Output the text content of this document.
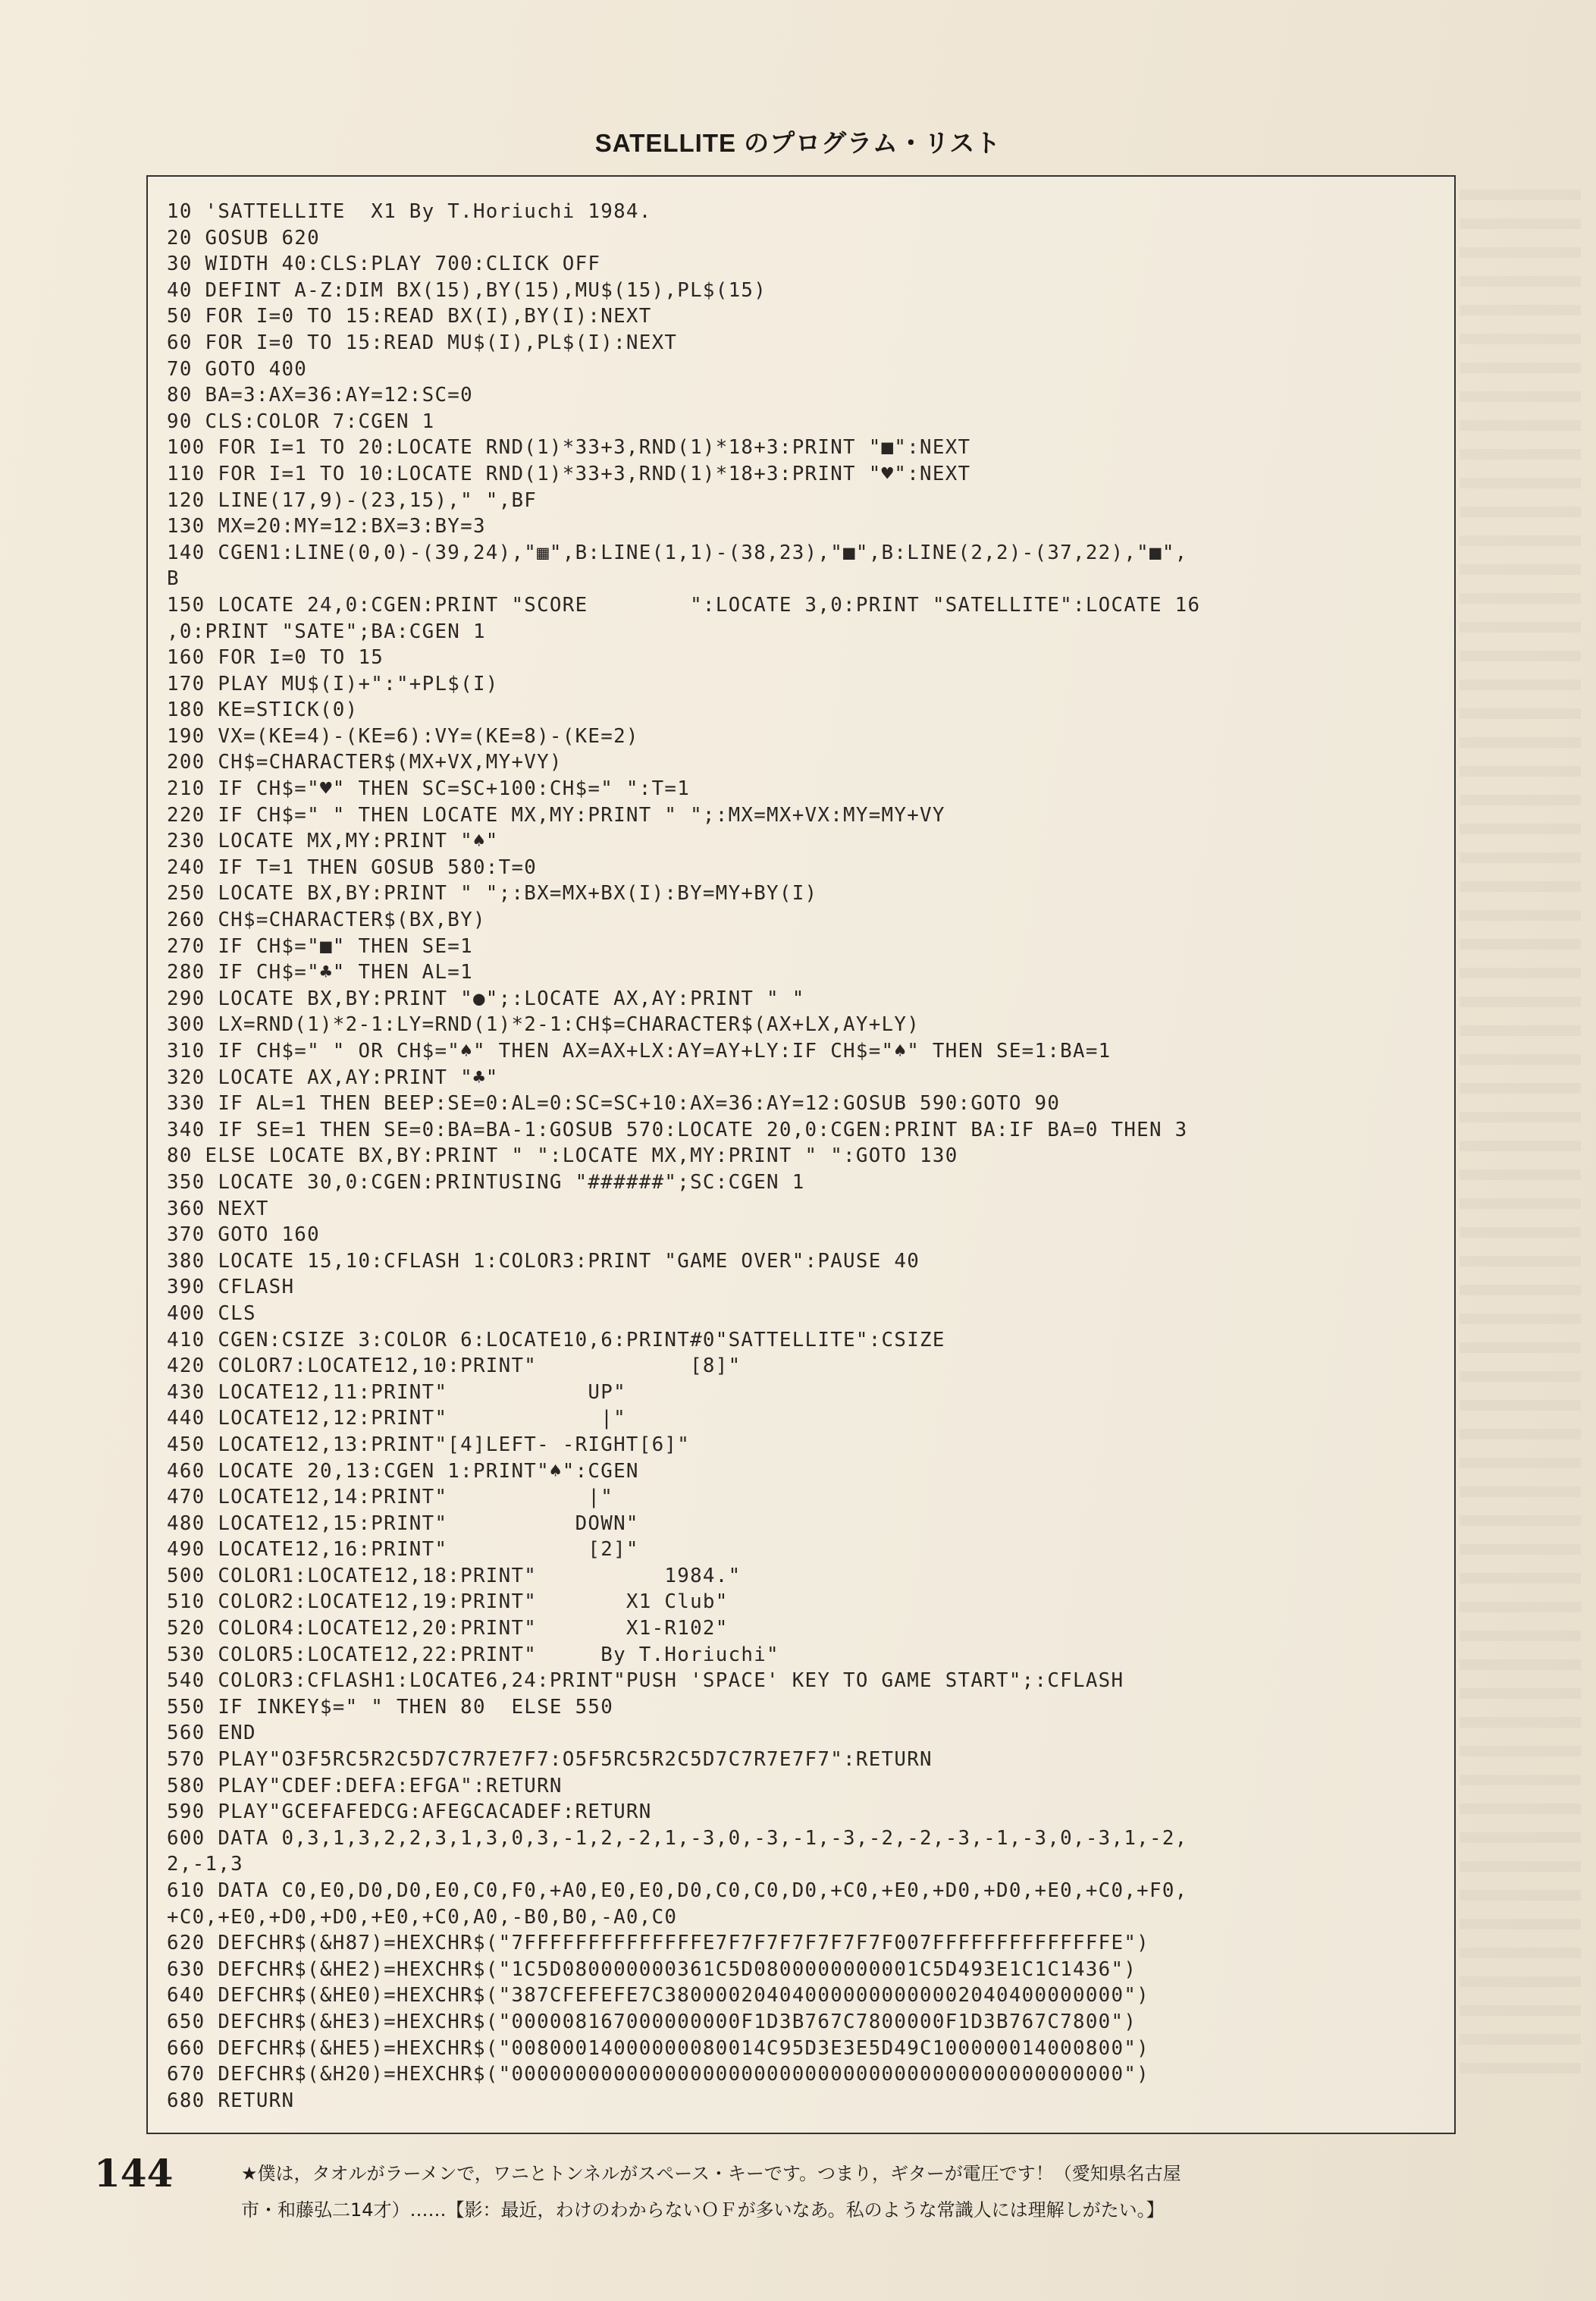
SATELLITE のプログラム・リスト
10 'SATTELLITE  X1 By T.Horiuchi 1984.
20 GOSUB 620
30 WIDTH 40:CLS:PLAY 700:CLICK OFF
40 DEFINT A-Z:DIM BX(15),BY(15),MU$(15),PL$(15)
50 FOR I=0 TO 15:READ BX(I),BY(I):NEXT
60 FOR I=0 TO 15:READ MU$(I),PL$(I):NEXT
70 GOTO 400
80 BA=3:AX=36:AY=12:SC=0
90 CLS:COLOR 7:CGEN 1
100 FOR I=1 TO 20:LOCATE RND(1)*33+3,RND(1)*18+3:PRINT "■":NEXT
110 FOR I=1 TO 10:LOCATE RND(1)*33+3,RND(1)*18+3:PRINT "♥":NEXT
120 LINE(17,9)-(23,15)," ",BF
130 MX=20:MY=12:BX=3:BY=3
140 CGEN1:LINE(0,0)-(39,24),"▦",B:LINE(1,1)-(38,23),"■",B:LINE(2,2)-(37,22),"■",
B
150 LOCATE 24,0:CGEN:PRINT "SCORE        ":LOCATE 3,0:PRINT "SATELLITE":LOCATE 16
,0:PRINT "SATE";BA:CGEN 1
160 FOR I=0 TO 15
170 PLAY MU$(I)+":"+PL$(I)
180 KE=STICK(0)
190 VX=(KE=4)-(KE=6):VY=(KE=8)-(KE=2)
200 CH$=CHARACTER$(MX+VX,MY+VY)
210 IF CH$="♥" THEN SC=SC+100:CH$=" ":T=1
220 IF CH$=" " THEN LOCATE MX,MY:PRINT " ";:MX=MX+VX:MY=MY+VY
230 LOCATE MX,MY:PRINT "♠"
240 IF T=1 THEN GOSUB 580:T=0
250 LOCATE BX,BY:PRINT " ";:BX=MX+BX(I):BY=MY+BY(I)
260 CH$=CHARACTER$(BX,BY)
270 IF CH$="■" THEN SE=1
280 IF CH$="♣" THEN AL=1
290 LOCATE BX,BY:PRINT "●";:LOCATE AX,AY:PRINT " "
300 LX=RND(1)*2-1:LY=RND(1)*2-1:CH$=CHARACTER$(AX+LX,AY+LY)
310 IF CH$=" " OR CH$="♠" THEN AX=AX+LX:AY=AY+LY:IF CH$="♠" THEN SE=1:BA=1
320 LOCATE AX,AY:PRINT "♣"
330 IF AL=1 THEN BEEP:SE=0:AL=0:SC=SC+10:AX=36:AY=12:GOSUB 590:GOTO 90
340 IF SE=1 THEN SE=0:BA=BA-1:GOSUB 570:LOCATE 20,0:CGEN:PRINT BA:IF BA=0 THEN 3
80 ELSE LOCATE BX,BY:PRINT " ":LOCATE MX,MY:PRINT " ":GOTO 130
350 LOCATE 30,0:CGEN:PRINTUSING "######";SC:CGEN 1
360 NEXT
370 GOTO 160
380 LOCATE 15,10:CFLASH 1:COLOR3:PRINT "GAME OVER":PAUSE 40
390 CFLASH
400 CLS
410 CGEN:CSIZE 3:COLOR 6:LOCATE10,6:PRINT#0"SATTELLITE":CSIZE
420 COLOR7:LOCATE12,10:PRINT"            [8]"
430 LOCATE12,11:PRINT"           UP"
440 LOCATE12,12:PRINT"            |"
450 LOCATE12,13:PRINT"[4]LEFT- -RIGHT[6]"
460 LOCATE 20,13:CGEN 1:PRINT"♠":CGEN
470 LOCATE12,14:PRINT"           |"
480 LOCATE12,15:PRINT"          DOWN"
490 LOCATE12,16:PRINT"           [2]"
500 COLOR1:LOCATE12,18:PRINT"          1984."
510 COLOR2:LOCATE12,19:PRINT"       X1 Club"
520 COLOR4:LOCATE12,20:PRINT"       X1-R102"
530 COLOR5:LOCATE12,22:PRINT"     By T.Horiuchi"
540 COLOR3:CFLASH1:LOCATE6,24:PRINT"PUSH 'SPACE' KEY TO GAME START";:CFLASH
550 IF INKEY$=" " THEN 80  ELSE 550
560 END
570 PLAY"O3F5RC5R2C5D7C7R7E7F7:O5F5RC5R2C5D7C7R7E7F7":RETURN
580 PLAY"CDEF:DEFA:EFGA":RETURN
590 PLAY"GCEFAFEDCG:AFEGCACADEF:RETURN
600 DATA 0,3,1,3,2,2,3,1,3,0,3,-1,2,-2,1,-3,0,-3,-1,-3,-2,-2,-3,-1,-3,0,-3,1,-2,
2,-1,3
610 DATA C0,E0,D0,D0,E0,C0,F0,+A0,E0,E0,D0,C0,C0,D0,+C0,+E0,+D0,+D0,+E0,+C0,+F0,
+C0,+E0,+D0,+D0,+E0,+C0,A0,-B0,B0,-A0,C0
620 DEFCHR$(&H87)=HEXCHR$("7FFFFFFFFFFFFFFE7F7F7F7F7F7F7F007FFFFFFFFFFFFFFE")
630 DEFCHR$(&HE2)=HEXCHR$("1C5D080000000361C5D0800000000001C5D493E1C1C1436")
640 DEFCHR$(&HE0)=HEXCHR$("387CFEFEFE7C380000204040000000000002040400000000")
650 DEFCHR$(&HE3)=HEXCHR$("000008167000000000F1D3B767C7800000F1D3B767C7800")
660 DEFCHR$(&HE5)=HEXCHR$("00800014000000080014C95D3E3E5D49C100000014000800")
670 DEFCHR$(&H20)=HEXCHR$("000000000000000000000000000000000000000000000000")
680 RETURN
144	★僕は，タオルがラーメンで，ワニとトンネルがスペース・キーです。つまり，ギターが電圧です！（愛知県名古屋
市・和藤弘二14才）……【影：最近，わけのわからないＯＦが多いなあ。私のような常識人には理解しがたい。】
